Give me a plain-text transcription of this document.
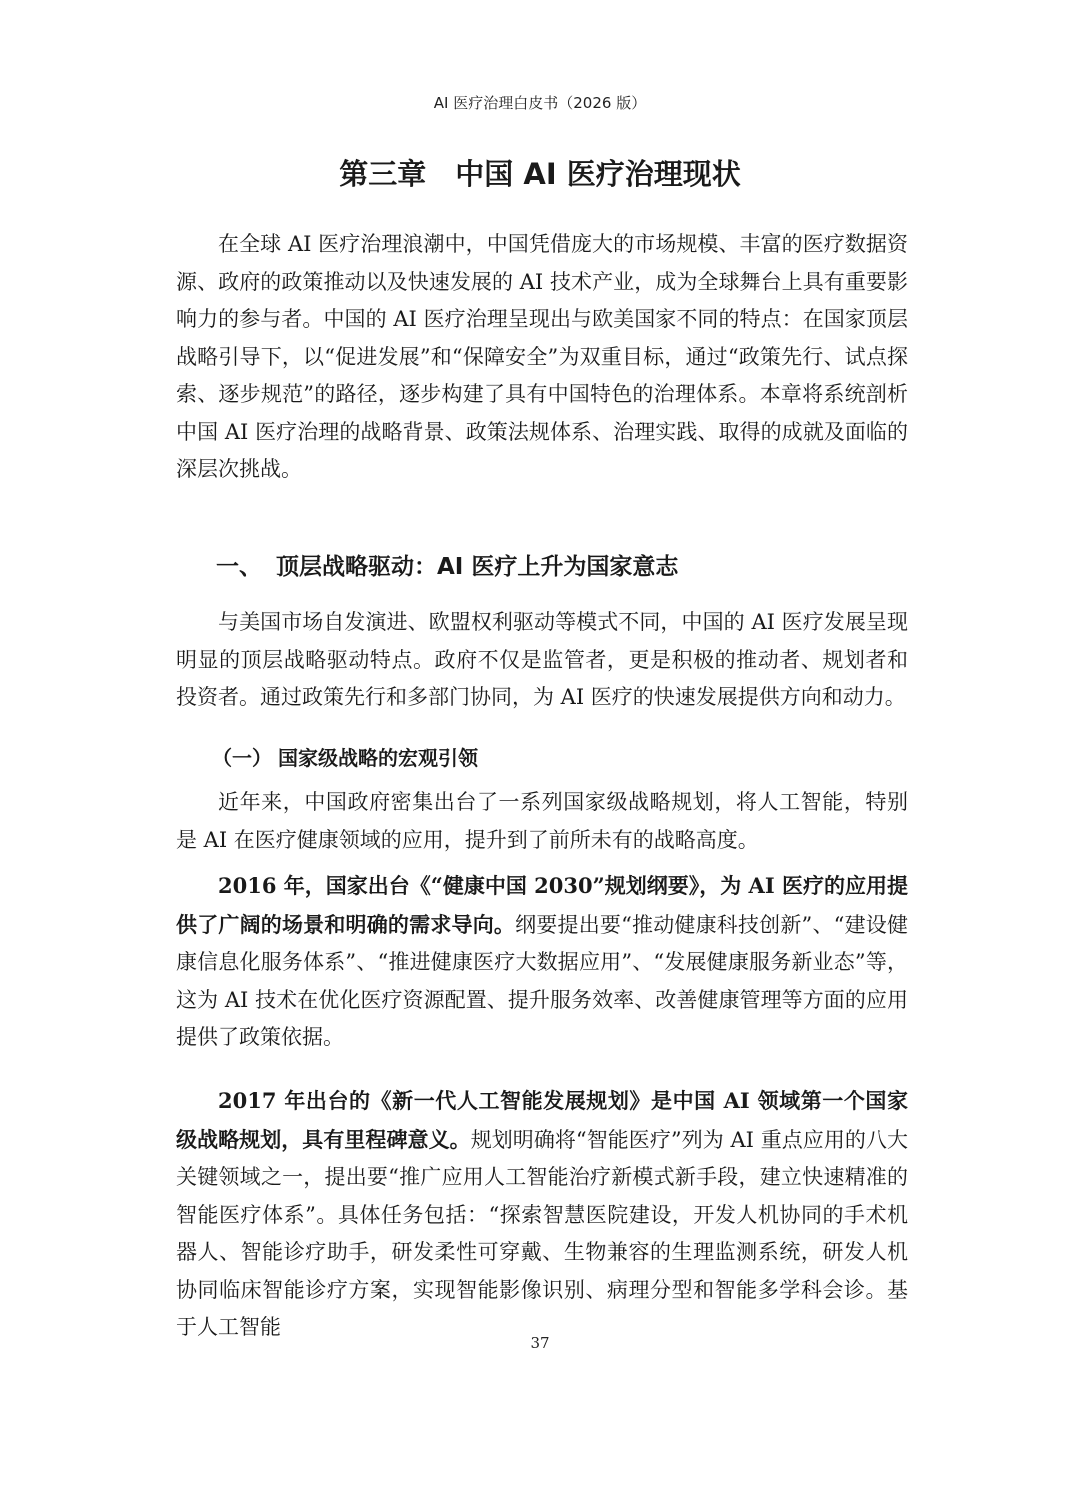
AI 医疗治理白皮书（2026 版）
第三章　中国 AI 医疗治理现状

在全球 AI 医疗治理浪潮中，中国凭借庞大的市场规模、丰富的医疗数据资源、政府的政策推动以及快速发展的 AI 技术产业，成为全球舞台上具有重要影响力的参与者。中国的 AI 医疗治理呈现出与欧美国家不同的特点：在国家顶层战略引导下，以“促进发展”和“保障安全”为双重目标，通过“政策先行、试点探索、逐步规范”的路径，逐步构建了具有中国特色的治理体系。本章将系统剖析中国 AI 医疗治理的战略背景、政策法规体系、治理实践、取得的成就及面临的深层次挑战。

一、 顶层战略驱动：AI 医疗上升为国家意志

与美国市场自发演进、欧盟权利驱动等模式不同，中国的 AI 医疗发展呈现明显的顶层战略驱动特点。政府不仅是监管者，更是积极的推动者、规划者和投资者。通过政策先行和多部门协同，为 AI 医疗的快速发展提供方向和动力。

（一） 国家级战略的宏观引领

近年来，中国政府密集出台了一系列国家级战略规划，将人工智能，特别是 AI 在医疗健康领域的应用，提升到了前所未有的战略高度。

2016 年，国家出台《“健康中国 2030”规划纲要》，为 AI 医疗的应用提供了广阔的场景和明确的需求导向。纲要提出要“推动健康科技创新”、“建设健康信息化服务体系”、“推进健康医疗大数据应用”、“发展健康服务新业态”等，这为 AI 技术在优化医疗资源配置、提升服务效率、改善健康管理等方面的应用提供了政策依据。

2017 年出台的《新一代人工智能发展规划》是中国 AI 领域第一个国家级战略规划，具有里程碑意义。规划明确将“智能医疗”列为 AI 重点应用的八大关键领域之一，提出要“推广应用人工智能治疗新模式新手段，建立快速精准的智能医疗体系”。具体任务包括：“探索智慧医院建设，开发人机协同的手术机器人、智能诊疗助手，研发柔性可穿戴、生物兼容的生理监测系统，研发人机协同临床智能诊疗方案，实现智能影像识别、病理分型和智能多学科会诊。基于人工智能

37
